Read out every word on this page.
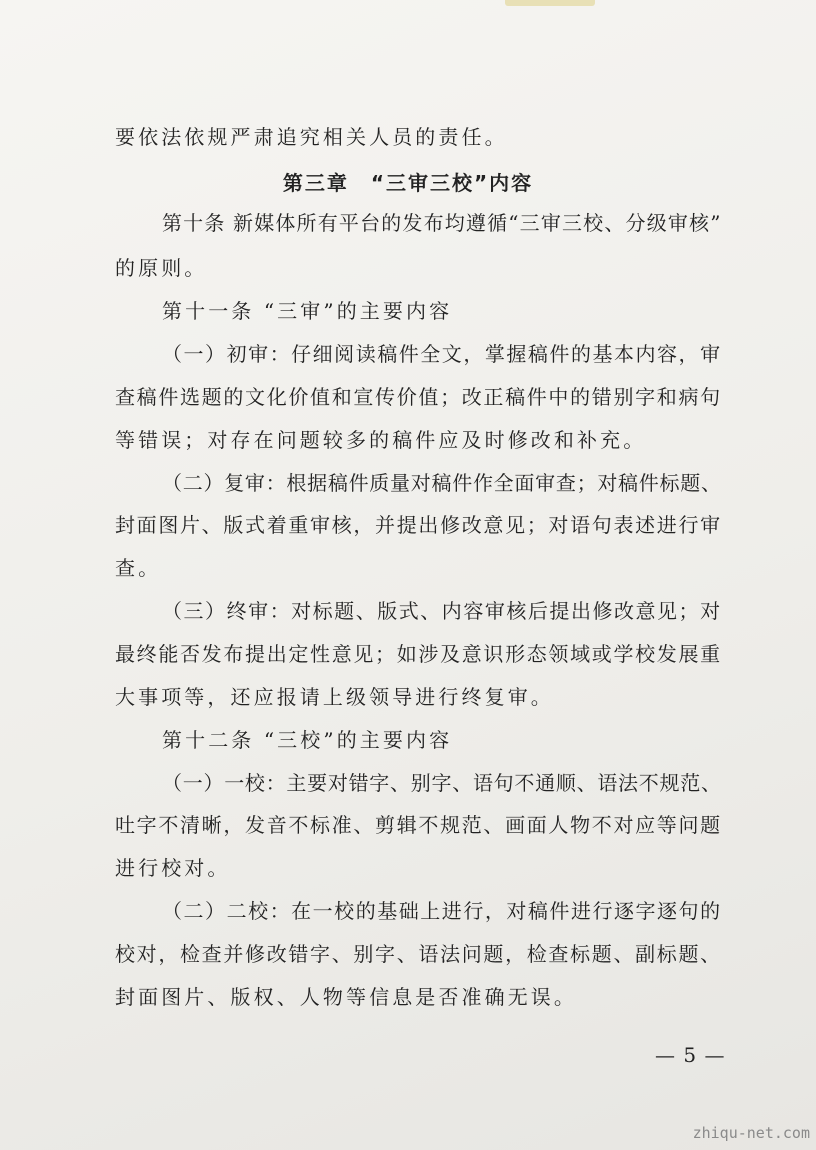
要依法依规严肃追究相关人员的责任。

第三章　“三审三校”内容

第十条 新媒体所有平台的发布均遵循“三审三校、分级审核”

的原则。

第十一条 “三审”的主要内容

（一）初审：仔细阅读稿件全文，掌握稿件的基本内容，审

查稿件选题的文化价值和宣传价值；改正稿件中的错别字和病句

等错误；对存在问题较多的稿件应及时修改和补充。

（二）复审：根据稿件质量对稿件作全面审查；对稿件标题、

封面图片、版式着重审核，并提出修改意见；对语句表述进行审

查。

（三）终审：对标题、版式、内容审核后提出修改意见；对

最终能否发布提出定性意见；如涉及意识形态领域或学校发展重

大事项等，还应报请上级领导进行终复审。

第十二条 “三校”的主要内容

（一）一校：主要对错字、别字、语句不通顺、语法不规范、

吐字不清晰，发音不标准、剪辑不规范、画面人物不对应等问题

进行校对。

（二）二校：在一校的基础上进行，对稿件进行逐字逐句的

校对，检查并修改错字、别字、语法问题，检查标题、副标题、

封面图片、版权、人物等信息是否准确无误。

— 5 —
zhiqu-net.com
